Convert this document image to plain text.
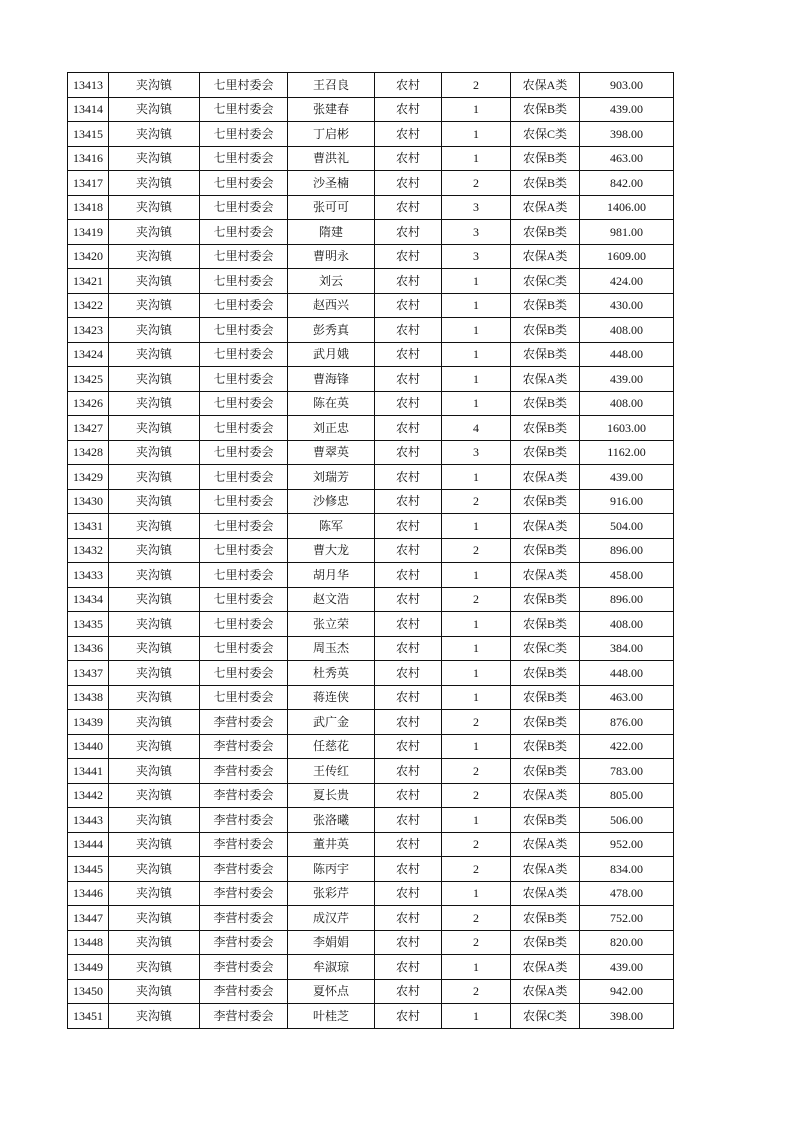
13413	夹沟镇	七里村委会	王召良	农村	2	农保A类	903.00
13414	夹沟镇	七里村委会	张建春	农村	1	农保B类	439.00
13415	夹沟镇	七里村委会	丁启彬	农村	1	农保C类	398.00
13416	夹沟镇	七里村委会	曹洪礼	农村	1	农保B类	463.00
13417	夹沟镇	七里村委会	沙圣楠	农村	2	农保B类	842.00
13418	夹沟镇	七里村委会	张可可	农村	3	农保A类	1406.00
13419	夹沟镇	七里村委会	隋建	农村	3	农保B类	981.00
13420	夹沟镇	七里村委会	曹明永	农村	3	农保A类	1609.00
13421	夹沟镇	七里村委会	刘云	农村	1	农保C类	424.00
13422	夹沟镇	七里村委会	赵西兴	农村	1	农保B类	430.00
13423	夹沟镇	七里村委会	彭秀真	农村	1	农保B类	408.00
13424	夹沟镇	七里村委会	武月娥	农村	1	农保B类	448.00
13425	夹沟镇	七里村委会	曹海锋	农村	1	农保A类	439.00
13426	夹沟镇	七里村委会	陈在英	农村	1	农保B类	408.00
13427	夹沟镇	七里村委会	刘正忠	农村	4	农保B类	1603.00
13428	夹沟镇	七里村委会	曹翠英	农村	3	农保B类	1162.00
13429	夹沟镇	七里村委会	刘瑞芳	农村	1	农保A类	439.00
13430	夹沟镇	七里村委会	沙修忠	农村	2	农保B类	916.00
13431	夹沟镇	七里村委会	陈军	农村	1	农保A类	504.00
13432	夹沟镇	七里村委会	曹大龙	农村	2	农保B类	896.00
13433	夹沟镇	七里村委会	胡月华	农村	1	农保A类	458.00
13434	夹沟镇	七里村委会	赵文浩	农村	2	农保B类	896.00
13435	夹沟镇	七里村委会	张立荣	农村	1	农保B类	408.00
13436	夹沟镇	七里村委会	周玉杰	农村	1	农保C类	384.00
13437	夹沟镇	七里村委会	杜秀英	农村	1	农保B类	448.00
13438	夹沟镇	七里村委会	蒋连侠	农村	1	农保B类	463.00
13439	夹沟镇	李营村委会	武广金	农村	2	农保B类	876.00
13440	夹沟镇	李营村委会	任慈花	农村	1	农保B类	422.00
13441	夹沟镇	李营村委会	王传红	农村	2	农保B类	783.00
13442	夹沟镇	李营村委会	夏长贵	农村	2	农保A类	805.00
13443	夹沟镇	李营村委会	张洛曦	农村	1	农保B类	506.00
13444	夹沟镇	李营村委会	董井英	农村	2	农保A类	952.00
13445	夹沟镇	李营村委会	陈丙宇	农村	2	农保A类	834.00
13446	夹沟镇	李营村委会	张彩芹	农村	1	农保A类	478.00
13447	夹沟镇	李营村委会	成汉芹	农村	2	农保B类	752.00
13448	夹沟镇	李营村委会	李娟娟	农村	2	农保B类	820.00
13449	夹沟镇	李营村委会	牟淑琼	农村	1	农保A类	439.00
13450	夹沟镇	李营村委会	夏怀点	农村	2	农保A类	942.00
13451	夹沟镇	李营村委会	叶桂芝	农村	1	农保C类	398.00
